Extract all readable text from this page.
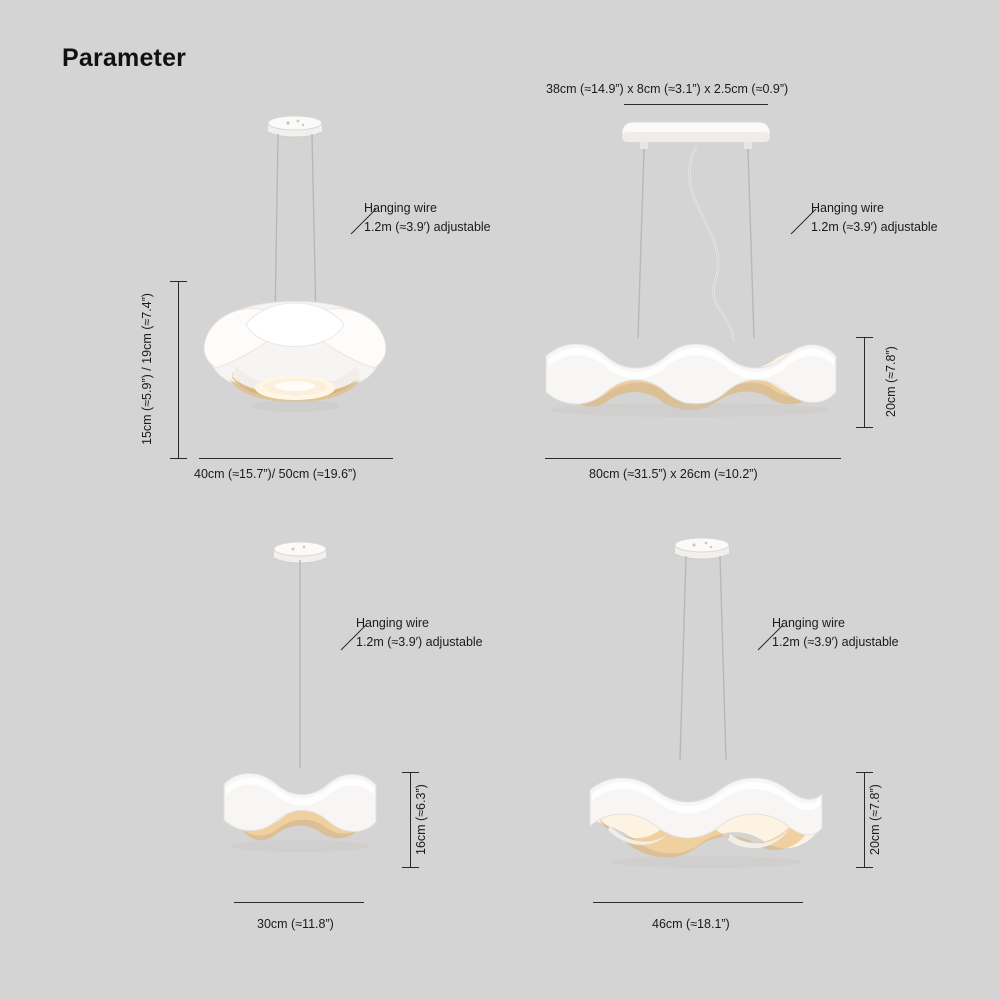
Parameter
Hanging wire
1.2m (≈3.9′) adjustable
40cm (≈15.7”)/ 50cm (≈19.6”)
15cm (≈5.9”) / 19cm (≈7.4”)
38cm (≈14.9”) x 8cm (≈3.1”) x 2.5cm (≈0.9”)
Hanging wire
1.2m (≈3.9′) adjustable
80cm (≈31.5”) x 26cm (≈10.2”)
20cm (≈7.8”)
Hanging wire
1.2m (≈3.9′) adjustable
30cm (≈11.8”)
16cm (≈6.3”)
Hanging wire
1.2m (≈3.9′) adjustable
46cm (≈18.1”)
20cm (≈7.8”)
